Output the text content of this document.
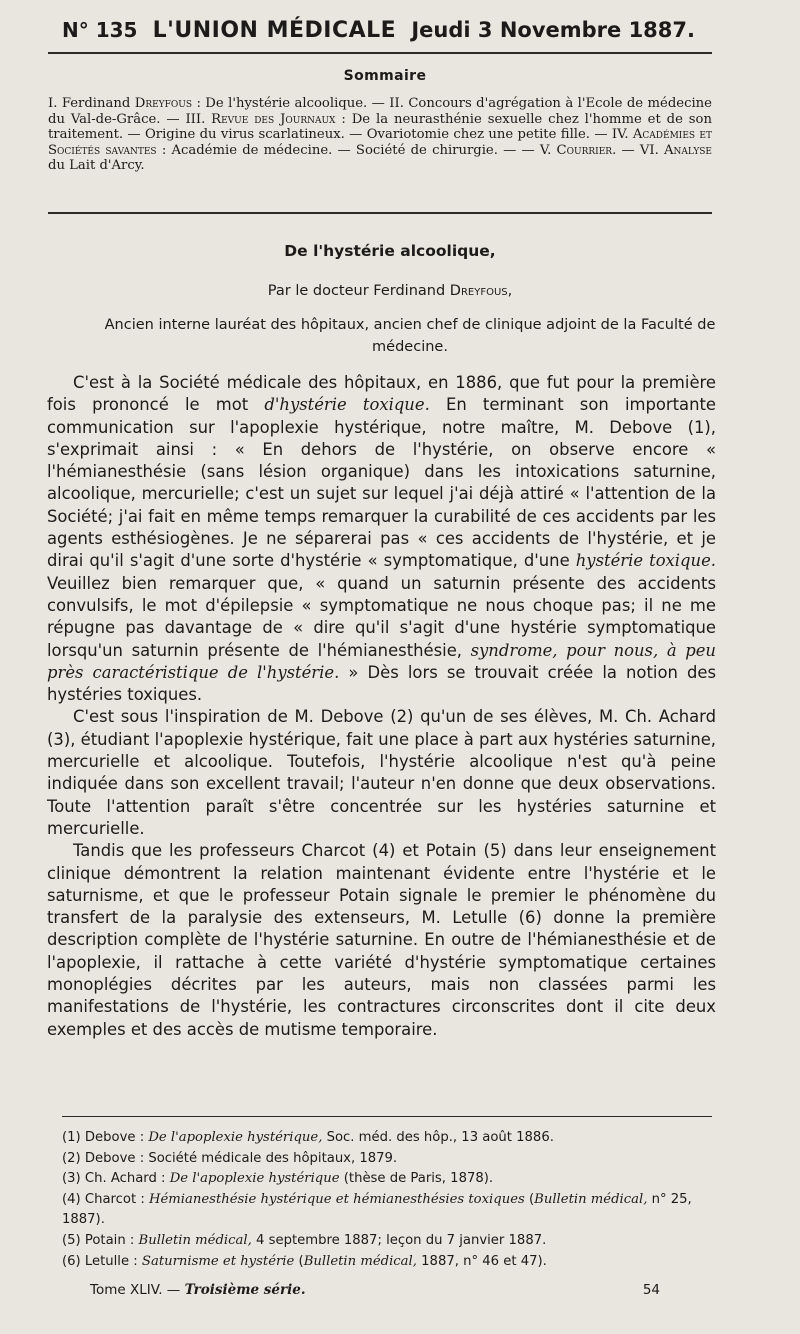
N° 135 L'UNION MÉDICALE Jeudi 3 Novembre 1887.
Sommaire
I. Ferdinand Dreyfous : De l'hystérie alcoolique. — II. Concours d'agrégation à l'Ecole de médecine du Val-de-Grâce. — III. Revue des Journaux : De la neurasthénie sexuelle chez l'homme et de son traitement. — Origine du virus scarlatineux. — Ovariotomie chez une petite fille. — IV. Académies et Sociétés savantes : Académie de médecine. — Société de chirurgie. — — V. Courrier. — VI. Analyse du Lait d'Arcy.
De l'hystérie alcoolique,
Par le docteur Ferdinand Dreyfous,
Ancien interne lauréat des hôpitaux, ancien chef de clinique adjoint de la Faculté de médecine.

C'est à la Société médicale des hôpitaux, en 1886, que fut pour la première fois prononcé le mot d'hystérie toxique. En terminant son importante communication sur l'apoplexie hystérique, notre maître, M. Debove (1), s'exprimait ainsi : « En dehors de l'hystérie, on observe encore « l'hémianesthésie (sans lésion organique) dans les intoxications saturnine, alcoolique, mercurielle; c'est un sujet sur lequel j'ai déjà attiré « l'attention de la Société; j'ai fait en même temps remarquer la curabilité de ces accidents par les agents esthésiogènes. Je ne séparerai pas « ces accidents de l'hystérie, et je dirai qu'il s'agit d'une sorte d'hystérie « symptomatique, d'une hystérie toxique. Veuillez bien remarquer que, « quand un saturnin présente des accidents convulsifs, le mot d'épilepsie « symptomatique ne nous choque pas; il ne me répugne pas davantage de « dire qu'il s'agit d'une hystérie symptomatique lorsqu'un saturnin présente de l'hémianesthésie, syndrome, pour nous, à peu près caractéristique de l'hystérie. » Dès lors se trouvait créée la notion des hystéries toxiques.

C'est sous l'inspiration de M. Debove (2) qu'un de ses élèves, M. Ch. Achard (3), étudiant l'apoplexie hystérique, fait une place à part aux hystéries saturnine, mercurielle et alcoolique. Toutefois, l'hystérie alcoolique n'est qu'à peine indiquée dans son excellent travail; l'auteur n'en donne que deux observations. Toute l'attention paraît s'être concentrée sur les hystéries saturnine et mercurielle.

Tandis que les professeurs Charcot (4) et Potain (5) dans leur enseignement clinique démontrent la relation maintenant évidente entre l'hystérie et le saturnisme, et que le professeur Potain signale le premier le phénomène du transfert de la paralysie des extenseurs, M. Letulle (6) donne la première description complète de l'hystérie saturnine. En outre de l'hémianesthésie et de l'apoplexie, il rattache à cette variété d'hystérie symptomatique certaines monoplégies décrites par les auteurs, mais non classées parmi les manifestations de l'hystérie, les contractures circonscrites dont il cite deux exemples et des accès de mutisme temporaire.

(1) Debove : De l'apoplexie hystérique, Soc. méd. des hôp., 13 août 1886.
(2) Debove : Société médicale des hôpitaux, 1879.
(3) Ch. Achard : De l'apoplexie hystérique (thèse de Paris, 1878).
(4) Charcot : Hémianesthésie hystérique et hémianesthésies toxiques (Bulletin médical, n° 25, 1887).
(5) Potain : Bulletin médical, 4 septembre 1887; leçon du 7 janvier 1887.
(6) Letulle : Saturnisme et hystérie (Bulletin médical, 1887, n° 46 et 47).
Tome XLIV. — Troisième série.	54
